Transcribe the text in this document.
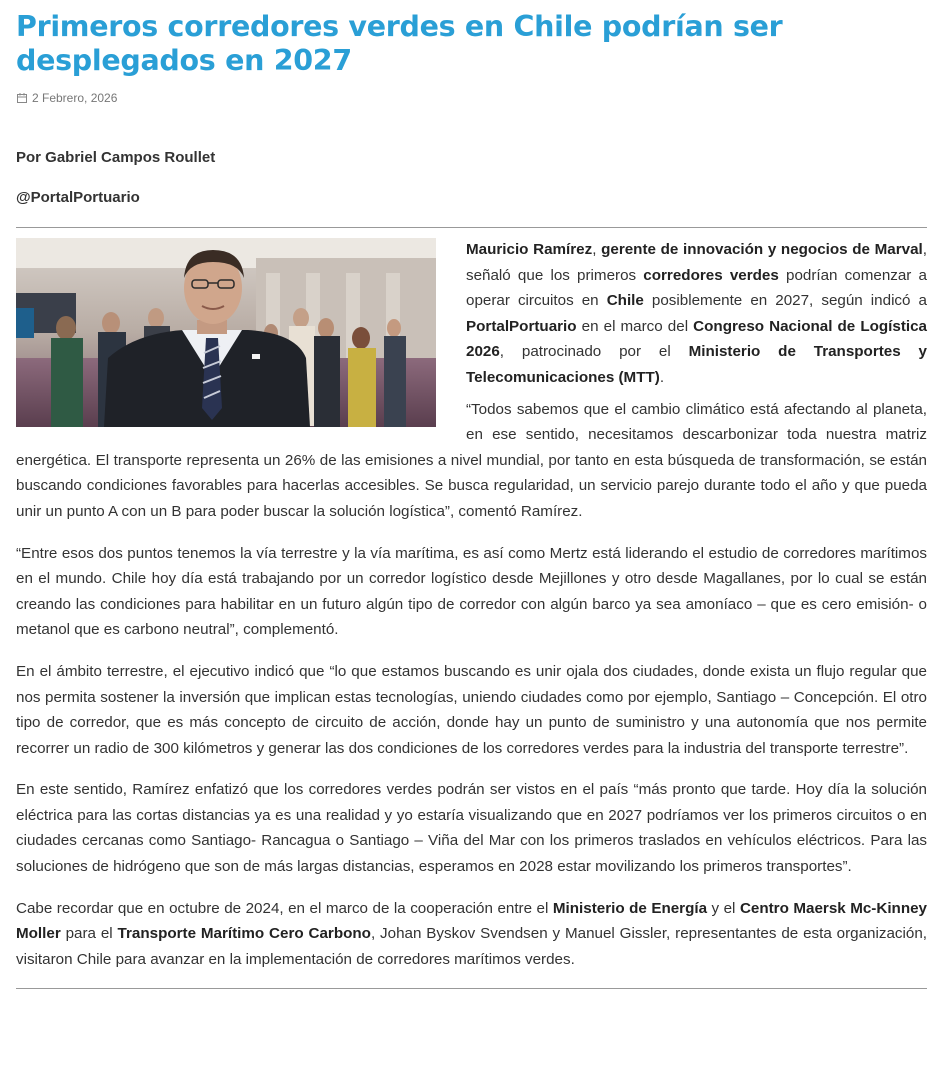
Primeros corredores verdes en Chile podrían ser desplegados en 2027
2 Febrero, 2026
Por Gabriel Campos Roullet
@PortalPortuario

Mauricio Ramírez, gerente de innovación y negocios de Marval, señaló que los primeros corredores verdes podrían comenzar a operar circuitos en Chile posiblemente en 2027, según indicó a PortalPortuario en el marco del Congreso Nacional de Logística 2026, patrocinado por el Ministerio de Transportes y Telecomunicaciones (MTT).

“Todos sabemos que el cambio climático está afectando al planeta, en ese sentido, necesitamos descarbonizar toda nuestra matriz energética. El transporte representa un 26% de las emisiones a nivel mundial, por tanto en esta búsqueda de transformación, se están buscando condiciones favorables para hacerlas accesibles. Se busca regularidad, un servicio parejo durante todo el año y que pueda unir un punto A con un B para poder buscar la solución logística”, comentó Ramírez.

“Entre esos dos puntos tenemos la vía terrestre y la vía marítima, es así como Mertz está liderando el estudio de corredores marítimos en el mundo. Chile hoy día está trabajando por un corredor logístico desde Mejillones y otro desde Magallanes, por lo cual se están creando las condiciones para habilitar en un futuro algún tipo de corredor con algún barco ya sea amoníaco – que es cero emisión- o metanol que es carbono neutral”, complementó.

En el ámbito terrestre, el ejecutivo indicó que “lo que estamos buscando es unir ojala dos ciudades, donde exista un flujo regular que nos permita sostener la inversión que implican estas tecnologías, uniendo ciudades como por ejemplo, Santiago – Concepción. El otro tipo de corredor, que es más concepto de circuito de acción, donde hay un punto de suministro y una autonomía que nos permite recorrer un radio de 300 kilómetros y generar las dos condiciones de los corredores verdes para la industria del transporte terrestre”.

En este sentido, Ramírez enfatizó que los corredores verdes podrán ser vistos en el país “más pronto que tarde. Hoy día la solución eléctrica para las cortas distancias ya es una realidad y yo estaría visualizando que en 2027 podríamos ver los primeros circuitos o en ciudades cercanas como Santiago- Rancagua o Santiago – Viña del Mar con los primeros traslados en vehículos eléctricos. Para las soluciones de hidrógeno que son de más largas distancias, esperamos en 2028 estar movilizando los primeros transportes”.

Cabe recordar que en octubre de 2024, en el marco de la cooperación entre el Ministerio de Energía y el Centro Maersk Mc-Kinney Moller para el Transporte Marítimo Cero Carbono, Johan Byskov Svendsen y Manuel Gissler, representantes de esta organización, visitaron Chile para avanzar en la implementación de corredores marítimos verdes.
